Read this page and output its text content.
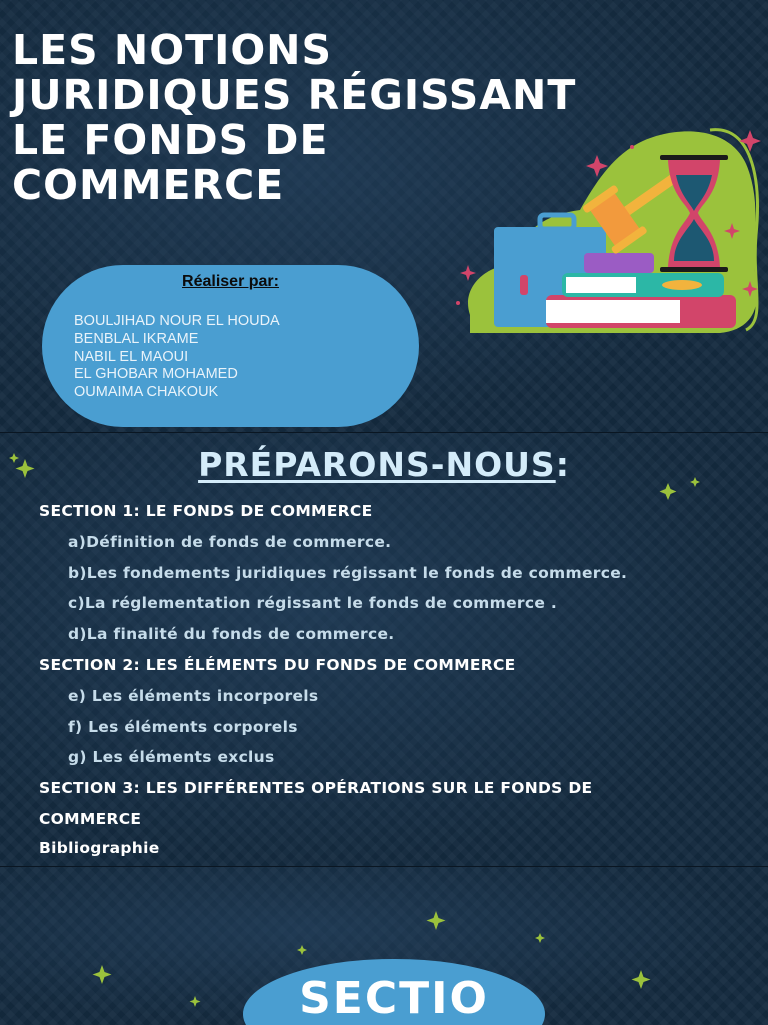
LES NOTIONS
JURIDIQUES RÉGISSANT
LE FONDS DE
COMMERCE
Réaliser par:
BOULJIHAD NOUR EL HOUDA
BENBLAL IKRAME
NABIL EL MAOUI
EL GHOBAR MOHAMED
OUMAIMA CHAKOUK
PRÉPARONS-NOUS:
SECTION 1: LE FONDS DE COMMERCE
a)Définition de fonds de commerce.
b)Les fondements juridiques régissant le fonds de commerce.
c)La réglementation régissant le fonds de commerce .
d)La finalité du fonds de commerce.
SECTION 2: LES ÉLÉMENTS DU FONDS DE COMMERCE
e) Les éléments incorporels
f) Les éléments corporels
g) Les éléments exclus
SECTION 3: LES DIFFÉRENTES OPÉRATIONS SUR LE FONDS DE
COMMERCE
Bibliographie
SECTIO
